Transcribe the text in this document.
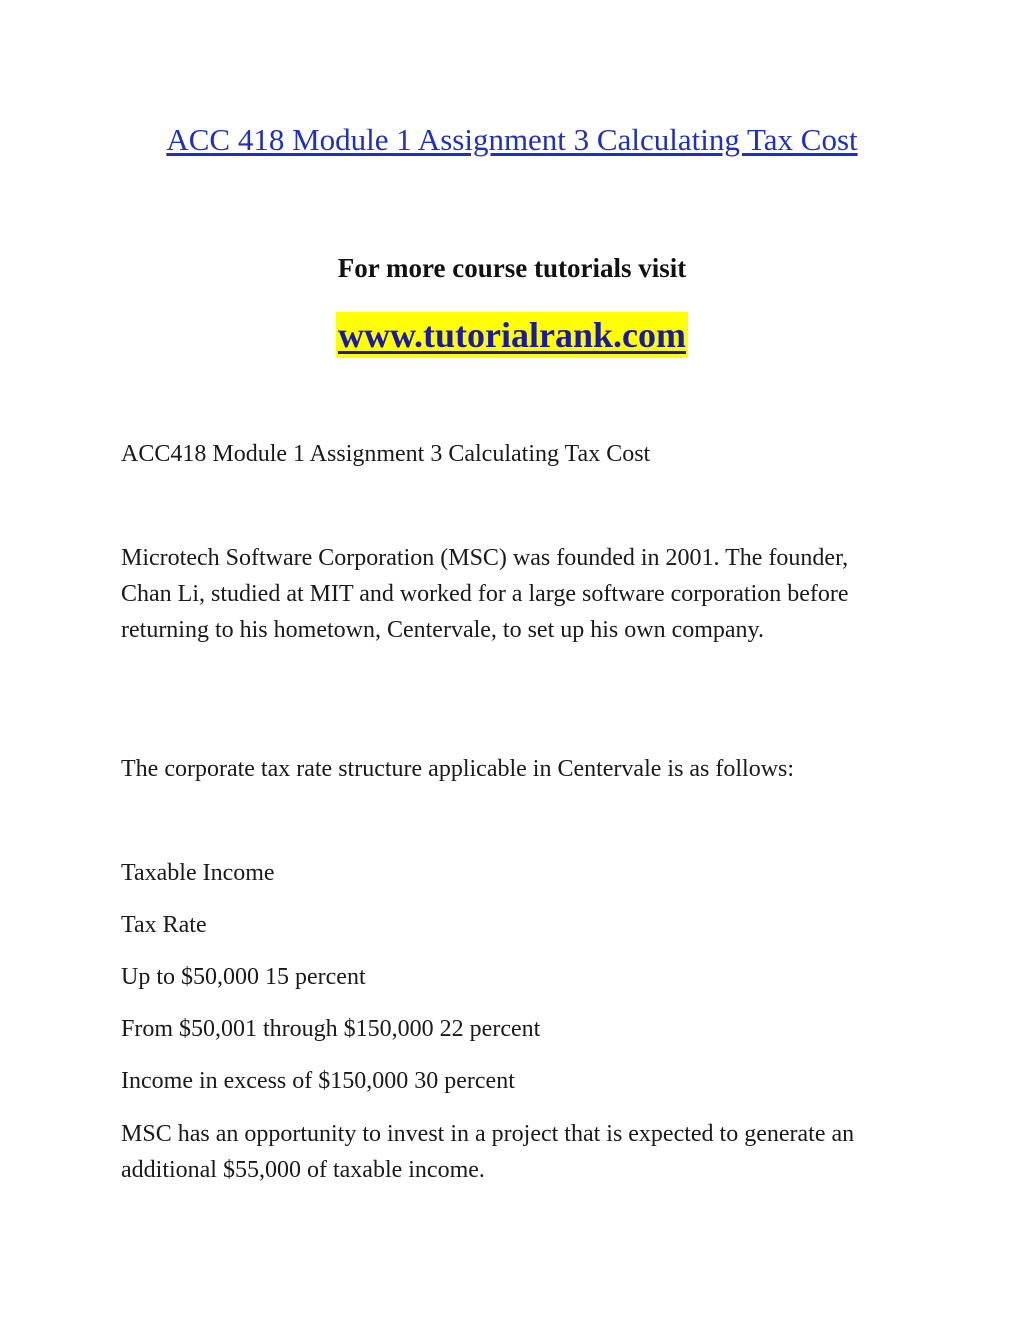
ACC 418 Module 1 Assignment 3 Calculating Tax Cost
For more course tutorials visit
www.tutorialrank.com

ACC418 Module 1 Assignment 3 Calculating Tax Cost

Microtech Software Corporation (MSC) was founded in 2001. The founder, Chan Li, studied at MIT and worked for a large software corporation before returning to his hometown, Centervale, to set up his own company.

The corporate tax rate structure applicable in Centervale is as follows:

Taxable Income

Tax Rate

Up to $50,000 15 percent

From $50,001 through $150,000 22 percent

Income in excess of $150,000 30 percent

MSC has an opportunity to invest in a project that is expected to generate an additional $55,000 of taxable income.
